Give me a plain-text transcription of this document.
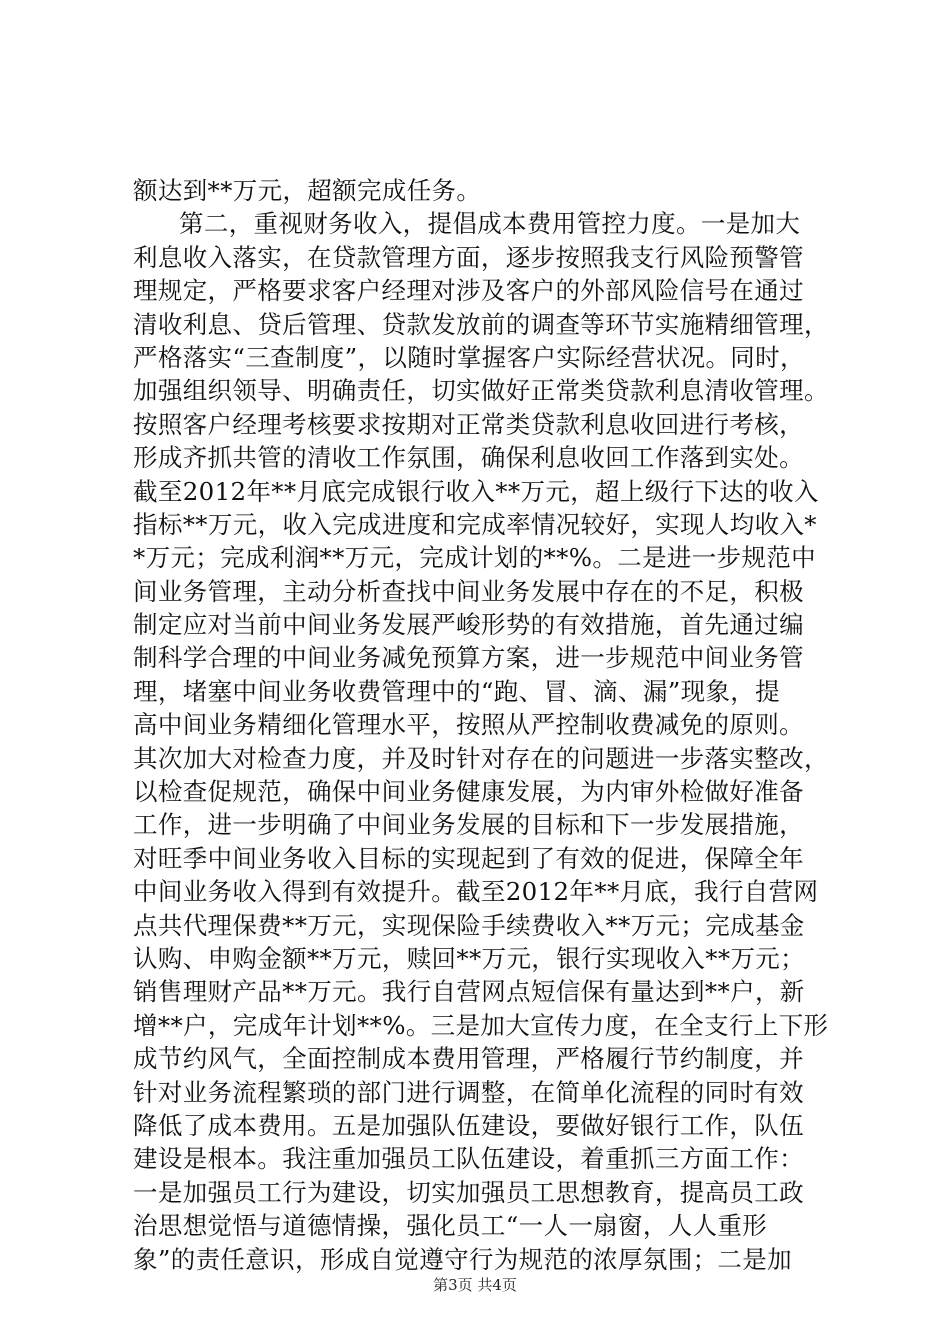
额达到**万元，超额完成任务。
第二，重视财务收入，提倡成本费用管控力度。一是加大
利息收入落实，在贷款管理方面，逐步按照我支行风险预警管
理规定，严格要求客户经理对涉及客户的外部风险信号在通过
清收利息、贷后管理、贷款发放前的调查等环节实施精细管理，
严格落实“三查制度”，以随时掌握客户实际经营状况。同时，
加强组织领导、明确责任，切实做好正常类贷款利息清收管理。
按照客户经理考核要求按期对正常类贷款利息收回进行考核，
形成齐抓共管的清收工作氛围，确保利息收回工作落到实处。
截至2012年**月底完成银行收入**万元，超上级行下达的收入
指标**万元，收入完成进度和完成率情况较好，实现人均收入*
*万元；完成利润**万元，完成计划的**%。二是进一步规范中
间业务管理，主动分析查找中间业务发展中存在的不足，积极
制定应对当前中间业务发展严峻形势的有效措施，首先通过编
制科学合理的中间业务减免预算方案，进一步规范中间业务管
理，堵塞中间业务收费管理中的“跑、冒、滴、漏”现象，提
高中间业务精细化管理水平，按照从严控制收费减免的原则。
其次加大对检查力度，并及时针对存在的问题进一步落实整改，
以检查促规范，确保中间业务健康发展，为内审外检做好准备
工作，进一步明确了中间业务发展的目标和下一步发展措施，
对旺季中间业务收入目标的实现起到了有效的促进，保障全年
中间业务收入得到有效提升。截至2012年**月底，我行自营网
点共代理保费**万元，实现保险手续费收入**万元；完成基金
认购、申购金额**万元，赎回**万元，银行实现收入**万元；
销售理财产品**万元。我行自营网点短信保有量达到**户，新
增**户，完成年计划**%。三是加大宣传力度，在全支行上下形
成节约风气，全面控制成本费用管理，严格履行节约制度，并
针对业务流程繁琐的部门进行调整，在简单化流程的同时有效
降低了成本费用。五是加强队伍建设，要做好银行工作，队伍
建设是根本。我注重加强员工队伍建设，着重抓三方面工作：
一是加强员工行为建设，切实加强员工思想教育，提高员工政
治思想觉悟与道德情操，强化员工“一人一扇窗，人人重形
象”的责任意识，形成自觉遵守行为规范的浓厚氛围；二是加
第3页 共4页
